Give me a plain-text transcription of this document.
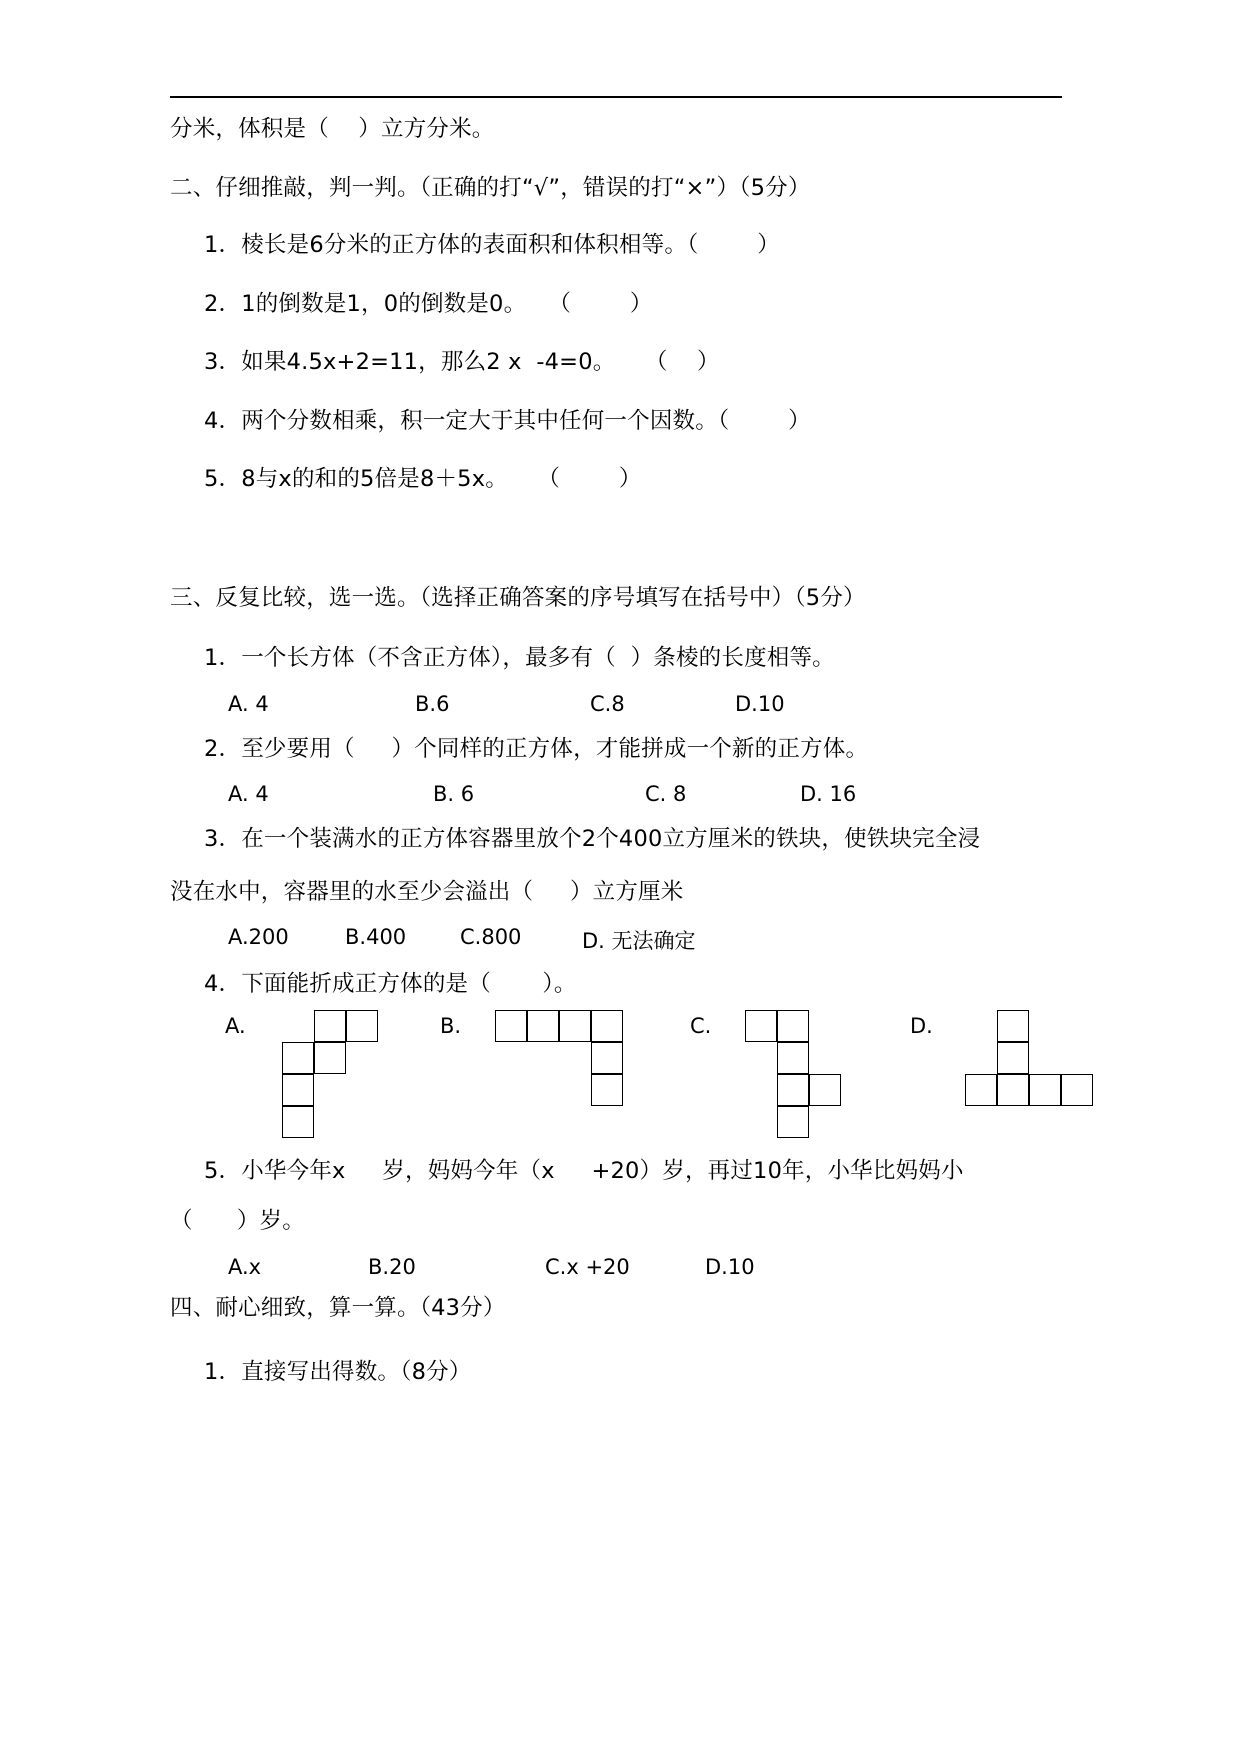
分米，体积是（    ）立方分米。
二、仔细推敲，判一判。（正确的打“√”，错误的打“×”）（5分）
1．棱长是6分米的正方体的表面积和体积相等。（        ）
2．1的倒数是1，0的倒数是0。   （        ）
3．如果4.5x+2=11，那么2 x  -4=0。    （    ）
4．两个分数相乘，积一定大于其中任何一个因数。（        ）
5．8与x的和的5倍是8＋5x。    （        ）
三、反复比较，选一选。（选择正确答案的序号填写在括号中）（5分）
1．一个长方体（不含正方体），最多有（  ）条棱的长度相等。
A. 4	B.6	C.8	D.10
2．至少要用（     ）个同样的正方体，才能拼成一个新的正方体。
A. 4	B. 6	C. 8	D. 16
3．在一个装满水的正方体容器里放个2个400立方厘米的铁块，使铁块完全浸
没在水中，容器里的水至少会溢出（     ）立方厘米
A.200	B.400	C.800	D. 无法确定
4．下面能折成正方体的是（       ）。
A.	B.	C.	D.
5．小华今年x     岁，妈妈今年（x     +20）岁，再过10年，小华比妈妈小
（      ）岁。
A.x	B.20	C.x +20	D.10
四、耐心细致，算一算。（43分）
1．直接写出得数。（8分）
